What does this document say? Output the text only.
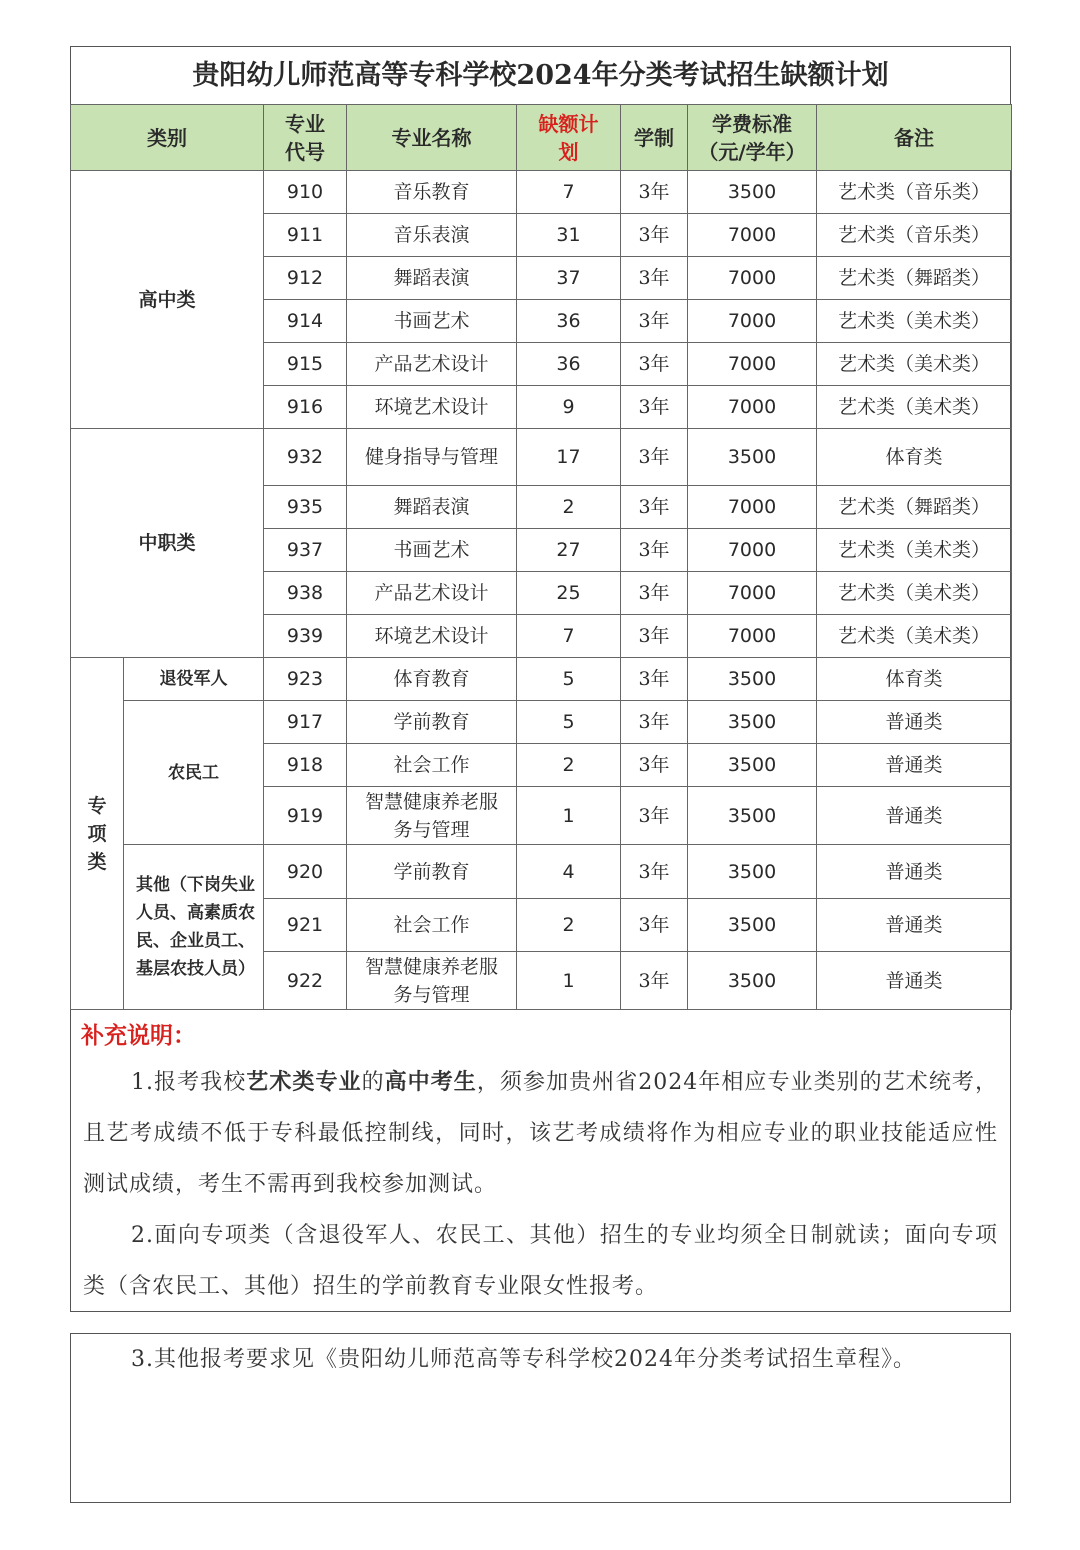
贵阳幼儿师范高等专科学校2024年分类考试招生缺额计划
类别		专业代号	专业名称	缺额计划	学制	学费标准（元/学年）	备注
高中类		910	音乐教育	7	3年	3500	艺术类（音乐类）
		911	音乐表演	31	3年	7000	艺术类（音乐类）
		912	舞蹈表演	37	3年	7000	艺术类（舞蹈类）
		914	书画艺术	36	3年	7000	艺术类（美术类）
		915	产品艺术设计	36	3年	7000	艺术类（美术类）
		916	环境艺术设计	9	3年	7000	艺术类（美术类）
中职类		932	健身指导与管理	17	3年	3500	体育类
		935	舞蹈表演	2	3年	7000	艺术类（舞蹈类）
		937	书画艺术	27	3年	7000	艺术类（美术类）
		938	产品艺术设计	25	3年	7000	艺术类（美术类）
		939	环境艺术设计	7	3年	7000	艺术类（美术类）
专项类	退役军人	923	体育教育	5	3年	3500	体育类
	农民工	917	学前教育	5	3年	3500	普通类
		918	社会工作	2	3年	3500	普通类
		919	智慧健康养老服务与管理	1	3年	3500	普通类
	其他（下岗失业人员、高素质农民、企业员工、基层农技人员）	920	学前教育	4	3年	3500	普通类
		921	社会工作	2	3年	3500	普通类
		922	智慧健康养老服务与管理	1	3年	3500	普通类
补充说明：
1.报考我校艺术类专业的高中考生，须参加贵州省2024年相应专业类别的艺术统考，且艺考成绩不低于专科最低控制线，同时，该艺考成绩将作为相应专业的职业技能适应性测试成绩，考生不需再到我校参加测试。
2.面向专项类（含退役军人、农民工、其他）招生的专业均须全日制就读；面向专项类（含农民工、其他）招生的学前教育专业限女性报考。
3.其他报考要求见《贵阳幼儿师范高等专科学校2024年分类考试招生章程》。
